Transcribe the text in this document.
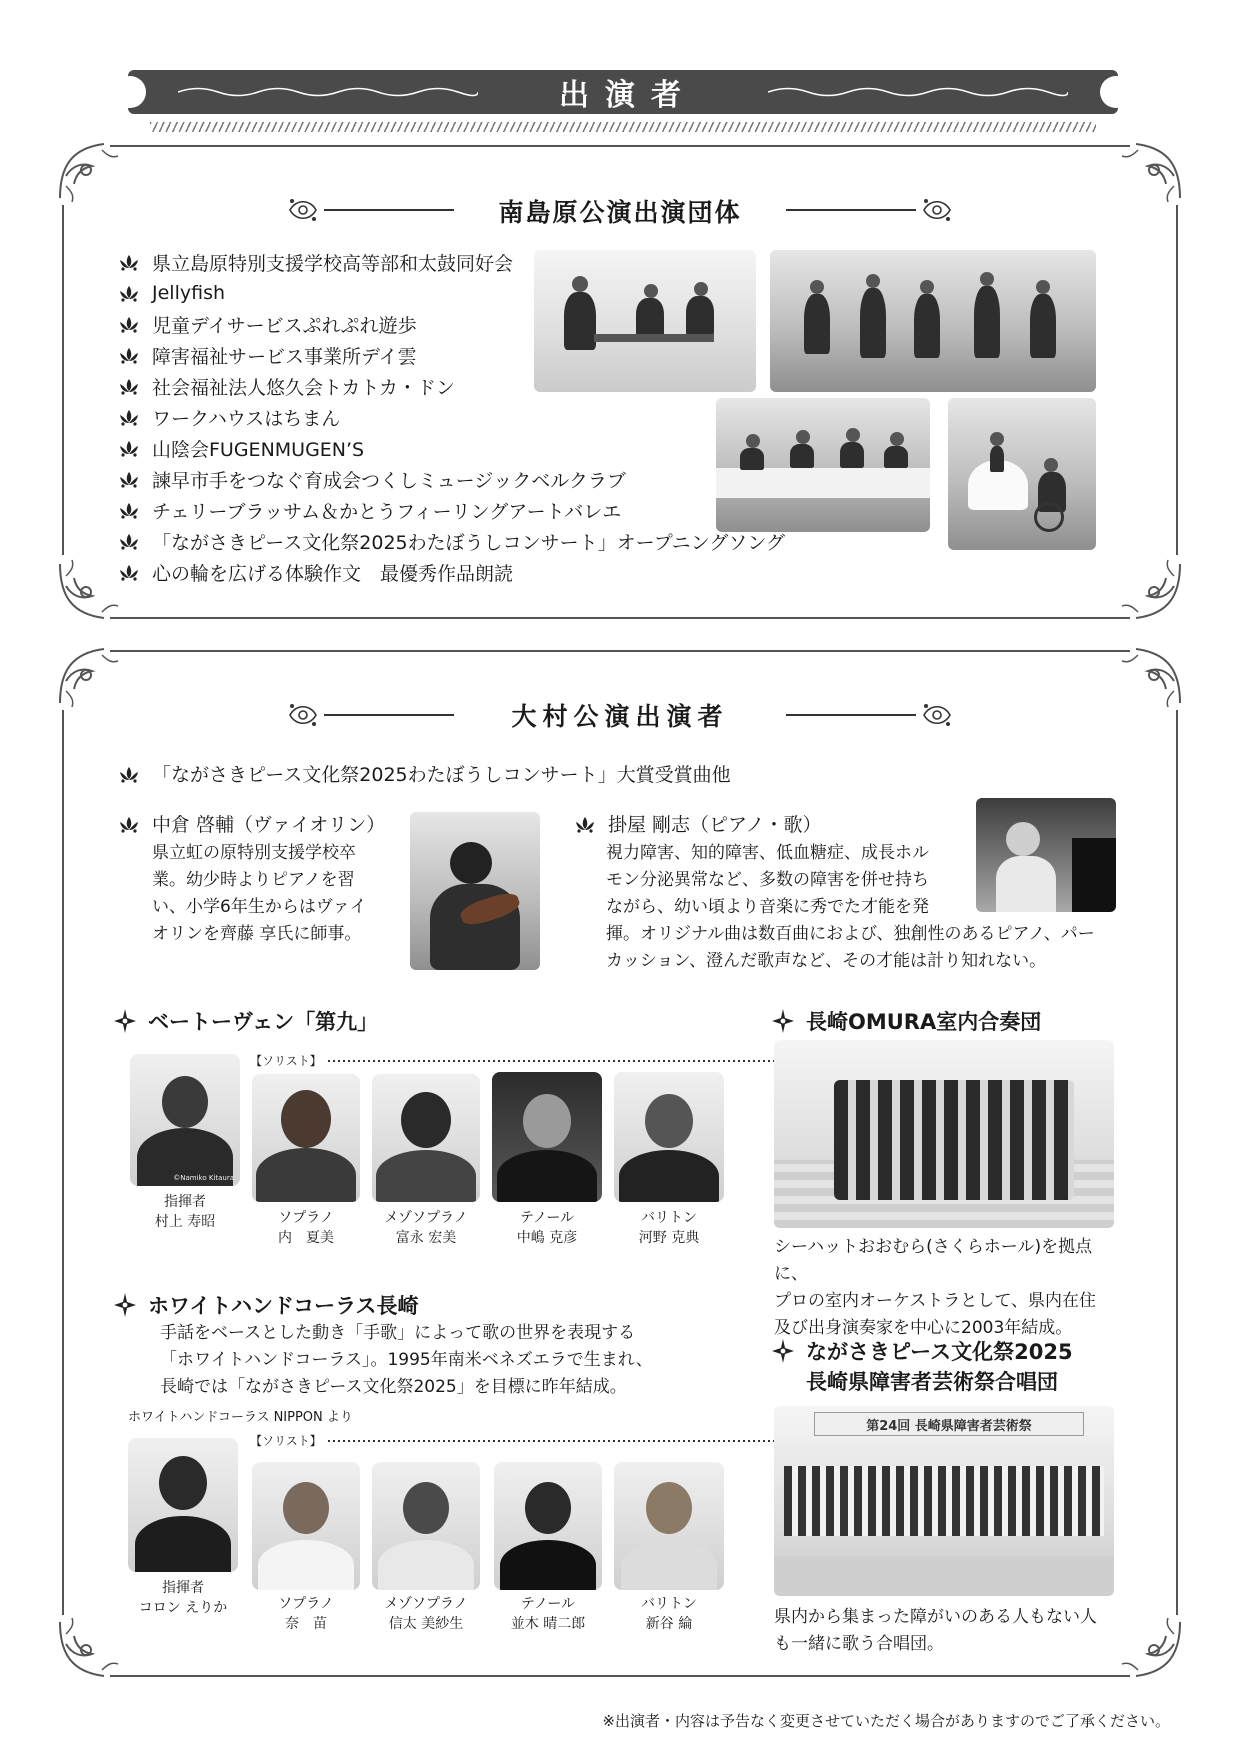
出演者
南島原公演出演団体
県立島原特別支援学校高等部和太鼓同好会
Jellyfish
児童デイサービスぷれぷれ遊歩
障害福祉サービス事業所デイ雲
社会福祉法人悠久会トカトカ・ドン
ワークハウスはちまん
山陰会FUGENMUGEN’S
諫早市手をつなぐ育成会つくしミュージックベルクラブ
チェリーブラッサム＆かとうフィーリングアートバレエ
「ながさきピース文化祭2025わたぼうしコンサート」オープニングソング
心の輪を広げる体験作文　最優秀作品朗読
大村公演出演者
「ながさきピース文化祭2025わたぼうしコンサート」大賞受賞曲他
中倉 啓輔（ヴァイオリン）
県立虹の原特別支援学校卒
業。幼少時よりピアノを習
い、小学6年生からはヴァイ
オリンを齊藤 享氏に師事。
掛屋 剛志（ピアノ・歌）
視力障害、知的障害、低血糖症、成長ホル
モン分泌異常など、多数の障害を併せ持ち
ながら、幼い頃より音楽に秀でた才能を発
揮。オリジナル曲は数百曲におよび、独創性のあるピアノ、パー
カッション、澄んだ歌声など、その才能は計り知れない。
ベートーヴェン「第九」
【ソリスト】
©Namiko Kitaura
指揮者
村上 寿昭	ソプラノ
内　夏美
メゾソプラノ
富永 宏美
テノール
中嶋 克彦
バリトン
河野 克典
ホワイトハンドコーラス長崎
手話をベースとした動き「手歌」によって歌の世界を表現する
「ホワイトハンドコーラス」。1995年南米ベネズエラで生まれ、
長崎では「ながさきピース文化祭2025」を目標に昨年結成。
ホワイトハンドコーラス NIPPON より
【ソリスト】
指揮者
コロン えりか	ソプラノ
奈　苗
メゾソプラノ
信太 美紗生
テノール
並木 晴二郎
バリトン
新谷 綸
長崎OMURA室内合奏団
シーハットおおむら(さくらホール)を拠点に、
プロの室内オーケストラとして、県内在住
及び出身演奏家を中心に2003年結成。
ながさきピース文化祭2025
長崎県障害者芸術祭合唱団
第24回 長崎県障害者芸術祭
県内から集まった障がいのある人もない人
も一緒に歌う合唱団。
※出演者・内容は予告なく変更させていただく場合がありますのでご了承ください。
